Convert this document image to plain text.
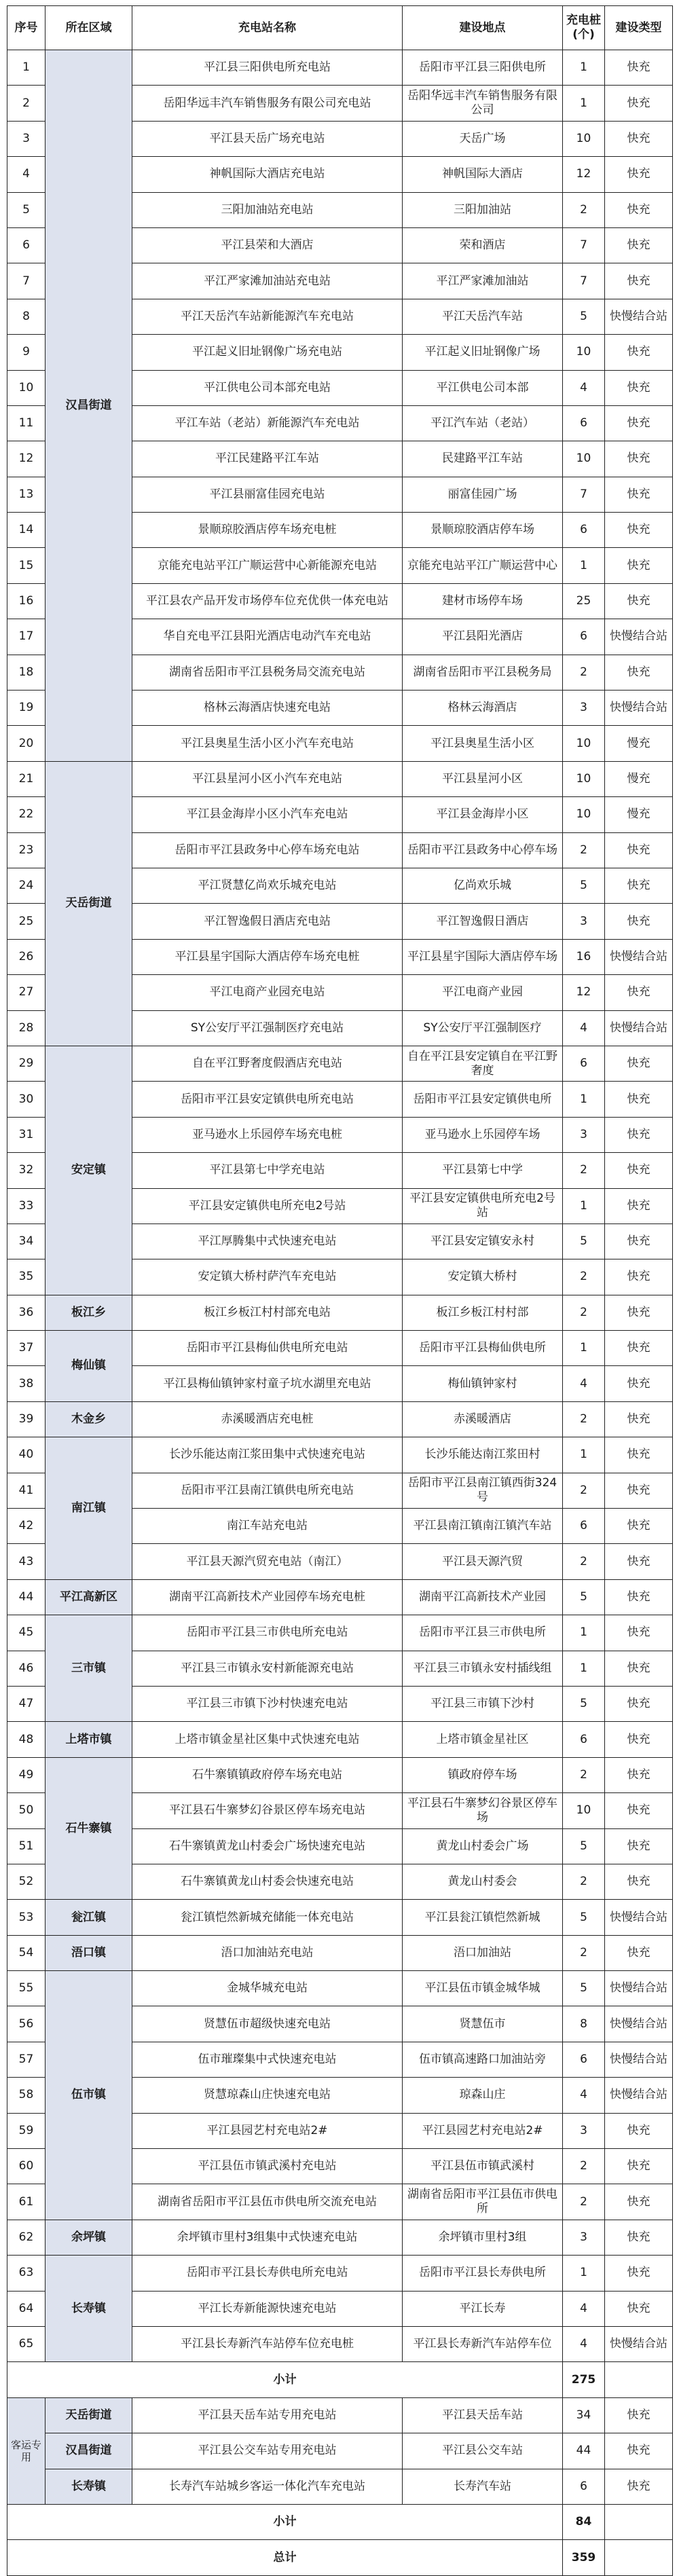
序号	所在区域	充电站名称	建设地点	充电桩(个)	建设类型
1	汉昌街道	平江县三阳供电所充电站	岳阳市平江县三阳供电所	1	快充
2		岳阳华远丰汽车销售服务有限公司充电站	岳阳华远丰汽车销售服务有限公司	1	快充
3		平江县天岳广场充电站	天岳广场	10	快充
4		神帆国际大酒店充电站	神帆国际大酒店	12	快充
5		三阳加油站充电站	三阳加油站	2	快充
6		平江县荣和大酒店	荣和酒店	7	快充
7		平江严家滩加油站充电站	平江严家滩加油站	7	快充
8		平江天岳汽车站新能源汽车充电站	平江天岳汽车站	5	快慢结合站
9		平江起义旧址钢像广场充电站	平江起义旧址钢像广场	10	快充
10		平江供电公司本部充电站	平江供电公司本部	4	快充
11		平江车站（老站）新能源汽车充电站	平江汽车站（老站）	6	快充
12		平江民建路平江车站	民建路平江车站	10	快充
13		平江县丽富佳园充电站	丽富佳园广场	7	快充
14		景顺琼胶酒店停车场充电桩	景顺琼胶酒店停车场	6	快充
15		京能充电站平江广顺运营中心新能源充电站	京能充电站平江广顺运营中心	1	快充
16		平江县农产品开发市场停车位充优供一体充电站	建材市场停车场	25	快充
17		华自充电平江县阳光酒店电动汽车充电站	平江县阳光酒店	6	快慢结合站
18		湖南省岳阳市平江县税务局交流充电站	湖南省岳阳市平江县税务局	2	快充
19		格林云海酒店快速充电站	格林云海酒店	3	快慢结合站
20		平江县奥星生活小区小汽车充电站	平江县奥星生活小区	10	慢充
21	天岳街道	平江县星河小区小汽车充电站	平江县星河小区	10	慢充
22		平江县金海岸小区小汽车充电站	平江县金海岸小区	10	慢充
23		岳阳市平江县政务中心停车场充电站	岳阳市平江县政务中心停车场	2	快充
24		平江贤慧亿尚欢乐城充电站	亿尚欢乐城	5	快充
25		平江智逸假日酒店充电站	平江智逸假日酒店	3	快充
26		平江县星宇国际大酒店停车场充电桩	平江县星宇国际大酒店停车场	16	快慢结合站
27		平江电商产业园充电站	平江电商产业园	12	快充
28		SY公安厅平江强制医疗充电站	SY公安厅平江强制医疗	4	快慢结合站
29	安定镇	自在平江野奢度假酒店充电站	自在平江县安定镇自在平江野奢度	6	快充
30		岳阳市平江县安定镇供电所充电站	岳阳市平江县安定镇供电所	1	快充
31		亚马逊水上乐园停车场充电桩	亚马逊水上乐园停车场	3	快充
32		平江县第七中学充电站	平江县第七中学	2	快充
33		平江县安定镇供电所充电2号站	平江县安定镇供电所充电2号站	1	快充
34		平江厚腾集中式快速充电站	平江县安定镇安永村	5	快充
35		安定镇大桥村萨汽车充电站	安定镇大桥村	2	快充
36	板江乡	板江乡板江村村部充电站	板江乡板江村村部	2	快充
37	梅仙镇	岳阳市平江县梅仙供电所充电站	岳阳市平江县梅仙供电所	1	快充
38		平江县梅仙镇钟家村童子坑水湖里充电站	梅仙镇钟家村	4	快充
39	木金乡	赤溪暖酒店充电桩	赤溪暖酒店	2	快充
40	南江镇	长沙乐能达南江浆田集中式快速充电站	长沙乐能达南江浆田村	1	快充
41		岳阳市平江县南江镇供电所充电站	岳阳市平江县南江镇西街324号	2	快充
42		南江车站充电站	平江县南江镇南江镇汽车站	6	快充
43		平江县天源汽贸充电站（南江）	平江县天源汽贸	2	快充
44	平江高新区	湖南平江高新技术产业园停车场充电桩	湖南平江高新技术产业园	5	快充
45	三市镇	岳阳市平江县三市供电所充电站	岳阳市平江县三市供电所	1	快充
46		平江县三市镇永安村新能源充电站	平江县三市镇永安村插线组	1	快充
47		平江县三市镇下沙村快速充电站	平江县三市镇下沙村	5	快充
48	上塔市镇	上塔市镇金星社区集中式快速充电站	上塔市镇金星社区	6	快充
49	石牛寨镇	石牛寨镇镇政府停车场充电站	镇政府停车场	2	快充
50		平江县石牛寨梦幻谷景区停车场充电站	平江县石牛寨梦幻谷景区停车场	10	快充
51		石牛寨镇黄龙山村委会广场快速充电站	黄龙山村委会广场	5	快充
52		石牛寨镇黄龙山村委会快速充电站	黄龙山村委会	2	快充
53	瓮江镇	瓮江镇恺然新城充储能一体充电站	平江县瓮江镇恺然新城	5	快慢结合站
54	浯口镇	浯口加油站充电站	浯口加油站	2	快充
55	伍市镇	金城华城充电站	平江县伍市镇金城华城	5	快慢结合站
56		贤慧伍市超级快速充电站	贤慧伍市	8	快慢结合站
57		伍市璀璨集中式快速充电站	伍市镇高速路口加油站旁	6	快慢结合站
58		贤慧琼森山庄快速充电站	琼森山庄	4	快慢结合站
59		平江县园艺村充电站2#	平江县园艺村充电站2#	3	快充
60		平江县伍市镇武溪村充电站	平江县伍市镇武溪村	2	快充
61		湖南省岳阳市平江县伍市供电所交流充电站	湖南省岳阳市平江县伍市供电所	2	快充
62	余坪镇	余坪镇市里村3组集中式快速充电站	余坪镇市里村3组	3	快充
63	长寿镇	岳阳市平江县长寿供电所充电站	岳阳市平江县长寿供电所	1	快充
64		平江长寿新能源快速充电站	平江长寿	4	快充
65		平江县长寿新汽车站停车位充电桩	平江县长寿新汽车站停车位	4	快慢结合站
小计				275	
客运专用	天岳街道	平江县天岳车站专用充电站	平江县天岳车站	34	快充
	汉昌街道	平江县公交车站专用充电站	平江县公交车站	44	快充
	长寿镇	长寿汽车站城乡客运一体化汽车充电站	长寿汽车站	6	快充
小计				84	
总计				359	
